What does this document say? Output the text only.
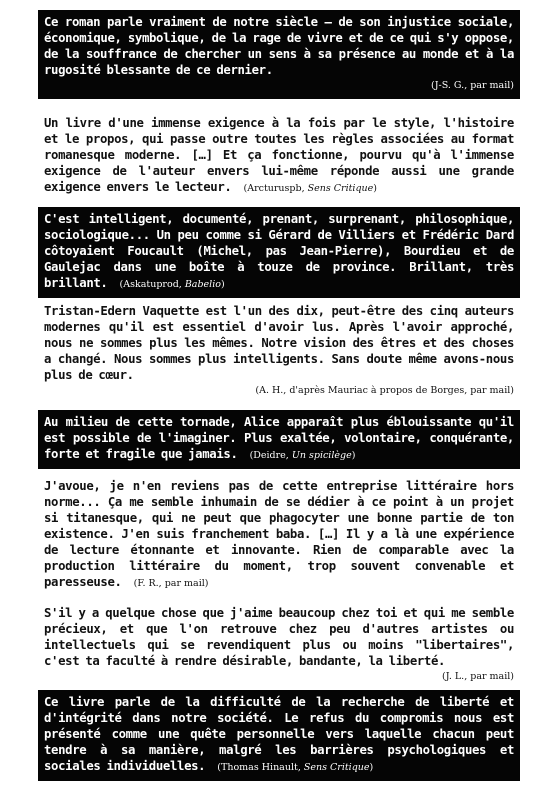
Ce roman parle vraiment de notre siècle – de son injustice sociale, économique, symbolique, de la rage de vivre et de ce qui s'y oppose, de la souffrance de chercher un sens à sa présence au monde et à la rugosité blessante de ce dernier.
(J-S. G., par mail)
Un livre d'une immense exigence à la fois par le style, l'histoire et le propos, qui passe outre toutes les règles associées au format romanesque moderne. […] Et ça fonctionne, pourvu qu'à l'immense exigence de l'auteur envers lui-même réponde aussi une grande exigence envers le lecteur. (Arcturuspb, Sens Critique)
C'est intelligent, documenté, prenant, surprenant, philosophique, sociologique... Un peu comme si Gérard de Villiers et Frédéric Dard côtoyaient Foucault (Michel, pas Jean-Pierre), Bourdieu et de Gaulejac dans une boîte à touze de province. Brillant, très brillant. (Askatuprod, Babelio)
Tristan-Edern Vaquette est l'un des dix, peut-être des cinq auteurs modernes qu'il est essentiel d'avoir lus. Après l'avoir approché, nous ne sommes plus les mêmes. Notre vision des êtres et des choses a changé. Nous sommes plus intelligents. Sans doute même avons-nous plus de cœur.
(A. H., d'après Mauriac à propos de Borges, par mail)
Au milieu de cette tornade, Alice apparaît plus éblouissante qu'il est possible de l'imaginer. Plus exaltée, volontaire, conquérante, forte et fragile que jamais. (Deidre, Un spicilège)
J'avoue, je n'en reviens pas de cette entreprise littéraire hors norme... Ça me semble inhumain de se dédier à ce point à un projet si titanesque, qui ne peut que phagocyter une bonne partie de ton existence. J'en suis franchement baba. […] Il y a là une expérience de lecture étonnante et innovante. Rien de comparable avec la production littéraire du moment, trop souvent convenable et paresseuse. (F. R., par mail)
S'il y a quelque chose que j'aime beaucoup chez toi et qui me semble précieux, et que l'on retrouve chez peu d'autres artistes ou intellectuels qui se revendiquent plus ou moins "libertaires", c'est ta faculté à rendre désirable, bandante, la liberté.
(J. L., par mail)
Ce livre parle de la difficulté de la recherche de liberté et d'intégrité dans notre société. Le refus du compromis nous est présenté comme une quête personnelle vers laquelle chacun peut tendre à sa manière, malgré les barrières psychologiques et sociales individuelles. (Thomas Hinault, Sens Critique)
